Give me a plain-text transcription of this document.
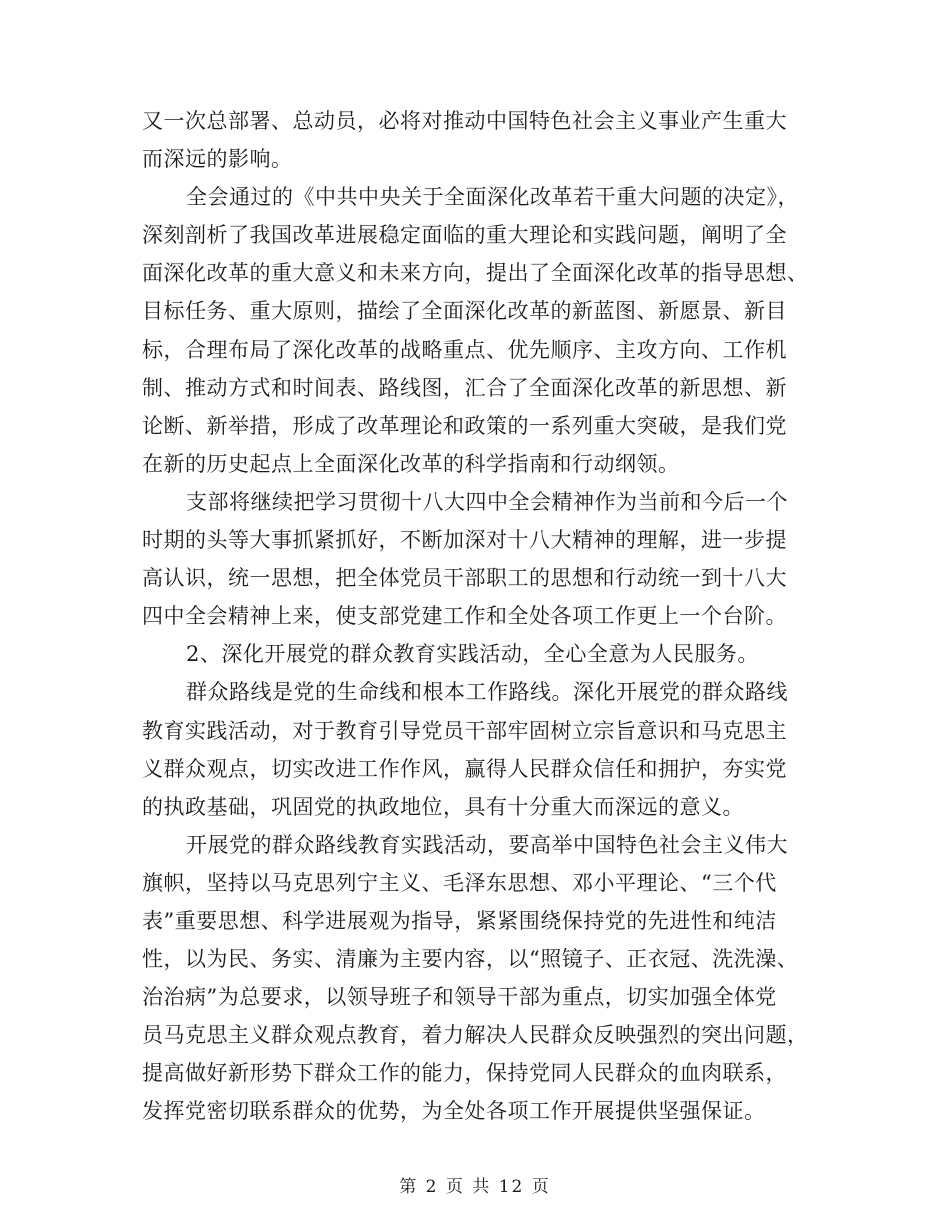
又一次总部署、总动员，必将对推动中国特色社会主义事业产生重大
而深远的影响。
全会通过的《中共中央关于全面深化改革若干重大问题的决定》，
深刻剖析了我国改革进展稳定面临的重大理论和实践问题，阐明了全
面深化改革的重大意义和未来方向，提出了全面深化改革的指导思想、
目标任务、重大原则，描绘了全面深化改革的新蓝图、新愿景、新目
标，合理布局了深化改革的战略重点、优先顺序、主攻方向、工作机
制、推动方式和时间表、路线图，汇合了全面深化改革的新思想、新
论断、新举措，形成了改革理论和政策的一系列重大突破，是我们党
在新的历史起点上全面深化改革的科学指南和行动纲领。
支部将继续把学习贯彻十八大四中全会精神作为当前和今后一个
时期的头等大事抓紧抓好，不断加深对十八大精神的理解，进一步提
高认识，统一思想，把全体党员干部职工的思想和行动统一到十八大
四中全会精神上来，使支部党建工作和全处各项工作更上一个台阶。
2、深化开展党的群众教育实践活动，全心全意为人民服务。
群众路线是党的生命线和根本工作路线。深化开展党的群众路线
教育实践活动，对于教育引导党员干部牢固树立宗旨意识和马克思主
义群众观点，切实改进工作作风，赢得人民群众信任和拥护，夯实党
的执政基础，巩固党的执政地位，具有十分重大而深远的意义。
开展党的群众路线教育实践活动，要高举中国特色社会主义伟大
旗帜，坚持以马克思列宁主义、毛泽东思想、邓小平理论、“三个代
表”重要思想、科学进展观为指导，紧紧围绕保持党的先进性和纯洁
性，以为民、务实、清廉为主要内容，以“照镜子、正衣冠、洗洗澡、
治治病”为总要求，以领导班子和领导干部为重点，切实加强全体党
员马克思主义群众观点教育，着力解决人民群众反映强烈的突出问题，
提高做好新形势下群众工作的能力，保持党同人民群众的血肉联系，
发挥党密切联系群众的优势，为全处各项工作开展提供坚强保证。
第 2 页 共 12 页
